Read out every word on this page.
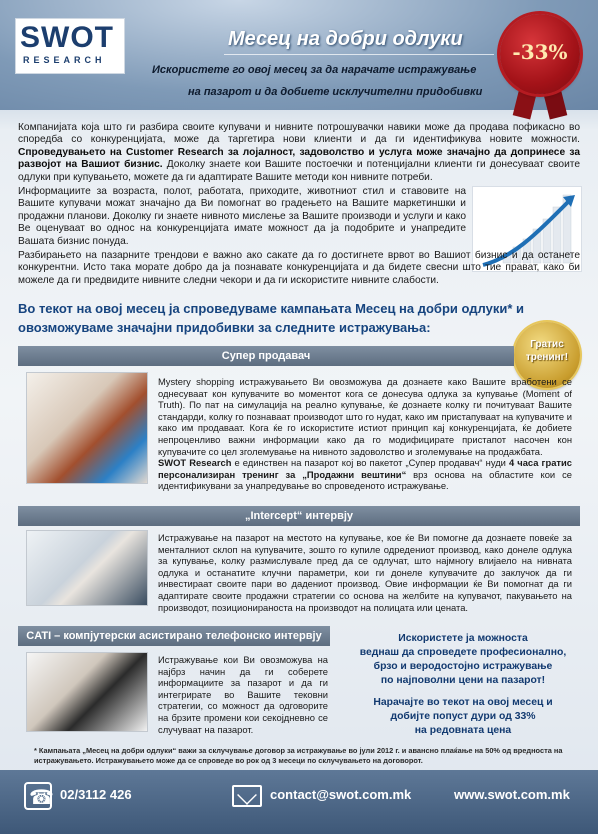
SWOT
RESEARCH
Месец на добри одлуки
Искористете го овој месец за да нарачате истражување
на пазарот и да добиете исклучителни придобивки
-33%

Компанијата која што ги разбира своите купувачи и нивните потрошувачки навики може да продава пофикасно во споредба со конкуренцијата, може да таргетира нови клиенти и да ги идентификува новите можности. Спроведувањето на Customer Research за лојалност, задоволство и услуга може значајно да допринесе за развојот на Вашиот бизнис. Доколку знаете кои Вашите постоечки и потенцијални клиенти ги донесуваат своите одлуки при купувањето, можете да ги адаптирате Вашите методи кон нивните потреби.

Информациите за возраста, полот, работата, приходите, животниот стил и ставовите на Вашите купувачи можат значајно да Ви помогнат во градењето на Вашите маркетиншки и продажни планови. Доколку ги знаете нивното мислење за Вашите производи и услуги и како Ве оценуваат во однос на конкуренцијата имате можност да ја подобрите и унапредите Вашата бизнис понуда.

Разбирањето на пазарните трендови е важно ако сакате да го достигнете врвот во Вашиот бизнис и да останете конкурентни. Исто така морате добро да ја познавате конкуренцијата и да бидете свесни што тие прават, како би можеле да ги предвидите нивните следни чекори и да ги искористите нивните слабости.

Во текот на овој месец ја спроведуваме кампањата Месец на добри одлуки* и
овозможуваме значајни придобивки за следните истражувања:
Гратис
тренинг!
Супер продавач
Mystery shopping истражувањето Ви овозможува да дознаете како Вашите вработени се однесуваат кон купувачите во моментот кога се донесува одлука за купување (Moment of Truth). По пат на симулација на реално купување, ќе дознаете колку ги почитуваат Вашите стандарди, колку го познаваат производот што го нудат, како им пристапуваат на купувачите и како им продаваат. Кога ќе го искористите истиот принцип кај конкуренцијата, ќе добиете непроценливо важни информации како да го модифицирате пристапот насочен кон купувачите со цел зголемување на нивното задоволство и зголемување на продажбата.
SWOT Research е единствен на пазарот кој во пакетот „Супер продавач“ нуди 4 часа гратис персонализиран тренинг за „Продажни вештини“ врз основа на областите кои се идентификувани за унапредување во спроведеното истражување.
„Intercept“ интервју
Истражување на пазарот на местото на купување, кое ќе Ви помогне да дознаете повеќе за менталниот склоп на купувачите, зошто го купиле одредениот производ, како донеле одлука за купување, колку размислувале пред да се одлучат, што најмногу влијаело на нивната одлука и останатите клучни параметри, кои ги донеле купувачите до заклучок да ги инвестираат своите пари во дадениот производ. Овие информации ќе Ви помогнат да ги адаптирате своите продажни стратегии со основа на желбите на купувачот, пакувањето на производот, позиционираноста на производот на полицата или цената.
CATI – компјутерски асистирано телефонско интервју
Истражување кои Ви овозможува на најбрз начин да ги соберете информациите за пазарот и да ги интегрирате во Вашите тековни стратегии, со можност да одговорите на брзите промени кои секојдневно се случуваат на пазарот.
Искористете ја можноста
веднаш да спроведете професионално,
брзо и веродостојно истражување
по најповолни цени на пазарот!
Нарачајте во текот на овој месец и
добијте попуст дури од 33%
на редовната цена
* Кампањата „Месец на добри одлуки“ важи за склучување договор за истражување во јули 2012 г. и авансно плаќање на 50% од вредноста на истражувањето. Истражувањето може да се спроведе во рок од 3 месеци по склучувањето на договорот.
☎02/3112 426	contact@swot.com.mk	www.swot.com.mk
